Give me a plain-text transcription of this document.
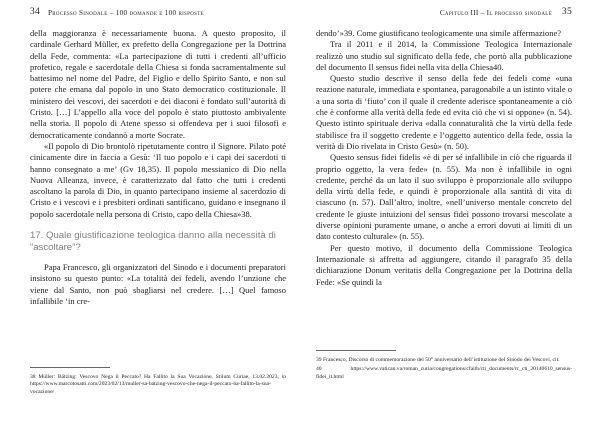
34 Processo Sinodale – 100 domande e 100 risposte

della maggioranza è necessariamente buona. A questo proposito, il cardinale Gerhard Müller, ex prefetto della Congregazione per la Dottrina della Fede, commenta: «La partecipazione di tutti i credenti all’ufficio profetico, regale e sacerdotale della Chiesa si fonda sacramentalmente sul battesimo nel nome del Padre, del Figlio e dello Spirito Santo, e non sul potere che emana dal popolo in uno Stato democratico costituzionale. Il ministero dei vescovi, dei sacerdoti e dei diaconi è fondato sull’autorità di Cristo. […] L’appello alla voce del popolo è stato piuttosto ambivalente nella storia. Il popolo di Atene spesso si offendeva per i suoi filosofi e democraticamente condannò a morte Socrate.

«Il popolo di Dio brontolò ripetutamente contro il Signore. Pilato poté cinicamente dire in faccia a Gesù: ‘Il tuo popolo e i capi dei sacerdoti ti hanno consegnato a me’ (Gv 18,35). Il popolo messianico di Dio nella Nuova Alleanza, invece, è caratterizzato dal fatto che tutti i credenti ascoltano la parola di Dio, in quanto partecipano insieme al sacerdozio di Cristo e i vescovi e i presbiteri ordinati santificano, guidano e insegnano il popolo sacerdotale nella persona di Cristo, capo della Chiesa»38.

17. Quale giustificazione teologica danno alla necessità di “ascoltare”?

Papa Francesco, gli organizzatori del Sinodo e i documenti preparatori insistono su questo punto: «La totalità dei fedeli, avendo l’unzione che viene dal Santo, non può sbagliarsi nel credere. […] Quel famoso infallibile ‘in cre-

38 Müller: Bätzing: Vescovo Nega il Peccato? Ha Fallito la Sua Vocazione, Stilum Curiae, 13.02.2023, in https://www.marcotosatti.com/2023/02/13/muller-sa-batzing-vescovo-che-nega-il-peccato-ha-fallito-la-sua-vocazione/
Capitulo III – Il processo sinodale 35

dendo’»39. Come giustificano teologicamente una simile affermazione?

Tra il 2011 e il 2014, la Commissione Teologica Internazionale realizzò uno studio sul significato della fede, che portò alla pubblicazione del documento Il sensus fidei nella vita della Chiesa40.

Questo studio descrive il senso della fede dei fedeli come «una reazione naturale, immediata e spontanea, paragonabile a un istinto vitale o a una sorta di ‘fiuto’ con il quale il credente aderisce spontaneamente a ciò che è conforme alla verità della fede ed evita ciò che vi si oppone» (n. 54). Questo istinto spirituale deriva «dalla connaturalità che la virtù della fede stabilisce fra il soggetto credente e l’oggetto autentico della fede, ossia la verità di Dio rivelata in Cristo Gesù» (n. 50).

Questo sensus fidei fidelis «è di per sé infallibile in ciò che riguarda il proprio oggetto, la vera fede» (n. 55). Ma non è infallibile in ogni credente, perché da un lato il suo sviluppo è proporzionale allo sviluppo della virtù della fede, e quindi è proporzionale alla santità di vita di ciascuno (n. 57). Dall’altro, inoltre, «nell’universo mentale concreto del credente le giuste intuizioni del sensus fidei possono trovarsi mescolate a diverse opinioni puramente umane, o anche a errori dovuti ai limiti di un dato contesto culturale» (n. 55).

Per questo motivo, il documento della Commissione Teologica Internazionale si affretta ad aggiungere, citando il paragrafo 35 della dichiarazione Donum veritatis della Congregazione per la Dottrina della Fede: «Se quindi la

39 Francesco, Discorso di commemorazione del 50° anniversario dell’istituzione del Sinodo dei Vescovi, cit.
40 https://www.vatican.va/roman_curia/congregations/cfaith/cti_documents/rc_cti_20140610_sensus-fidei_it.html
